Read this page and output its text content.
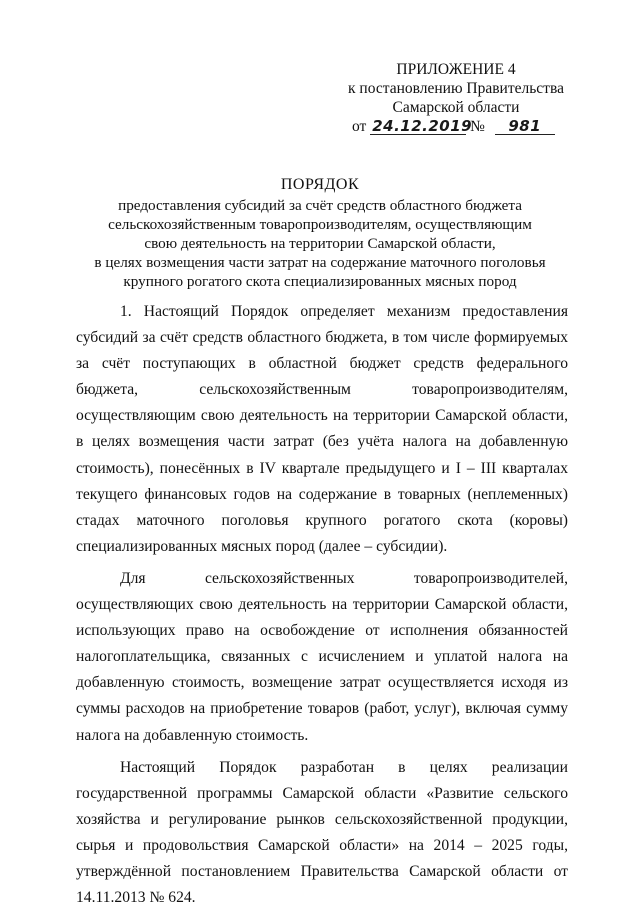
ПРИЛОЖЕНИЕ 4
к постановлению Правительства
Самарской области
от 24.12.2019 № 981
ПОРЯДОК
предоставления субсидий за счёт средств областного бюджета
сельскохозяйственным товаропроизводителям, осуществляющим
свою деятельность на территории Самарской области,
в целях возмещения части затрат на содержание маточного поголовья
крупного рогатого скота специализированных мясных пород

1. Настоящий Порядок определяет механизм предоставления субсидий за счёт средств областного бюджета, в том числе формируемых за счёт поступающих в областной бюджет средств федерального бюджета, сельскохозяйственным товаропроизводителям, осуществляющим свою деятельность на территории Самарской области, в целях возмещения части затрат (без учёта налога на добавленную стоимость), понесённых в IV квартале предыдущего и I – III кварталах текущего финансовых годов на содержание в товарных (неплеменных) стадах маточного поголовья крупного рогатого скота (коровы) специализированных мясных пород (далее – субсидии).

Для сельскохозяйственных товаропроизводителей, осуществляющих свою деятельность на территории Самарской области, использующих право на освобождение от исполнения обязанностей налогоплательщика, связанных с исчислением и уплатой налога на добавленную стоимость, возмещение затрат осуществляется исходя из суммы расходов на приобретение товаров (работ, услуг), включая сумму налога на добавленную стоимость.

Настоящий Порядок разработан в целях реализации государственной программы Самарской области «Развитие сельского хозяйства и регулирование рынков сельскохозяйственной продукции, сырья и продовольствия Самарской области» на 2014 – 2025 годы, утверждённой постановлением Правительства Самарской области от 14.11.2013 № 624.
